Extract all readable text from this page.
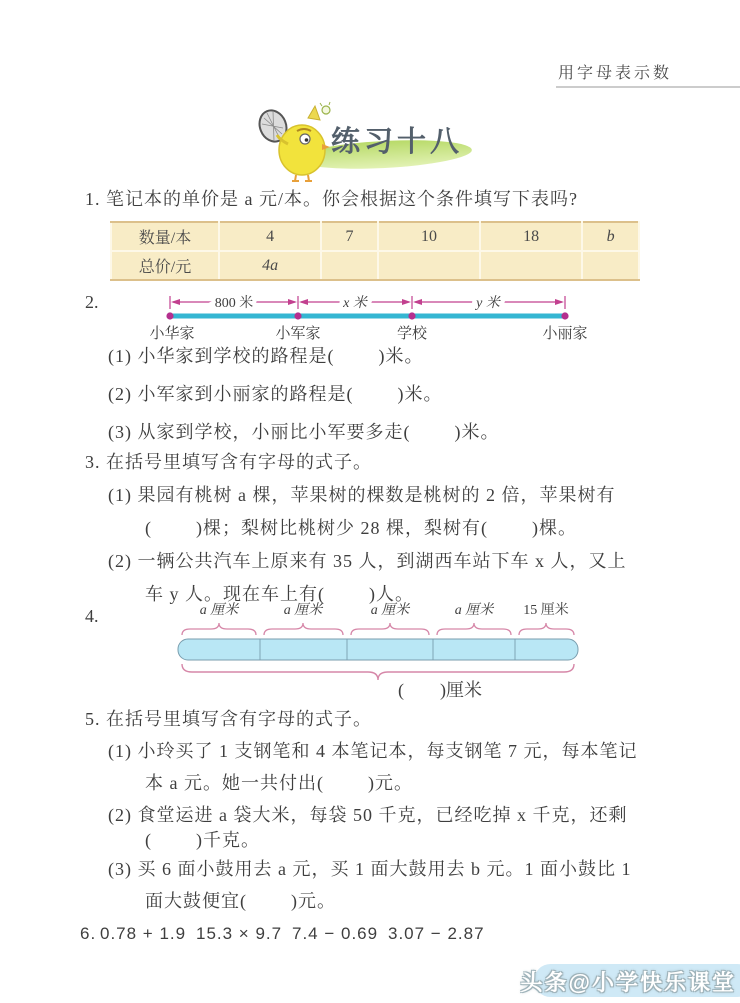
用字母表示数
练习十八
1. 笔记本的单价是 a 元/本。你会根据这个条件填写下表吗?
数量/本	4	7	10	18	b
总价/元	4a				
2.	800 米	x 米	y 米
小华家	小军家	学校	小丽家
(1) 小华家到学校的路程是(        )米。
(2) 小军家到小丽家的路程是(        )米。
(3) 从家到学校，小丽比小军要多走(        )米。
3. 在括号里填写含有字母的式子。
(1) 果园有桃树 a 棵，苹果树的棵数是桃树的 2 倍，苹果树有
(        )棵；梨树比桃树少 28 棵，梨树有(        )棵。
(2) 一辆公共汽车上原来有 35 人，到湖西车站下车 x 人，又上
车 y 人。现在车上有(        )人。
4.	a 厘米	a 厘米	a 厘米	a 厘米 15 厘米
(        )厘米
5. 在括号里填写含有字母的式子。
(1) 小玲买了 1 支钢笔和 4 本笔记本，每支钢笔 7 元，每本笔记
本 a 元。她一共付出(        )元。
(2) 食堂运进 a 袋大米，每袋 50 千克，已经吃掉 x 千克，还剩
(        )千克。
(3) 买 6 面小鼓用去 a 元，买 1 面大鼓用去 b 元。1 面小鼓比 1
面大鼓便宜(        )元。
6. 0.78 + 1.9 15.3 × 9.7 7.4 − 0.69 3.07 − 2.87
头条@小学快乐课堂
